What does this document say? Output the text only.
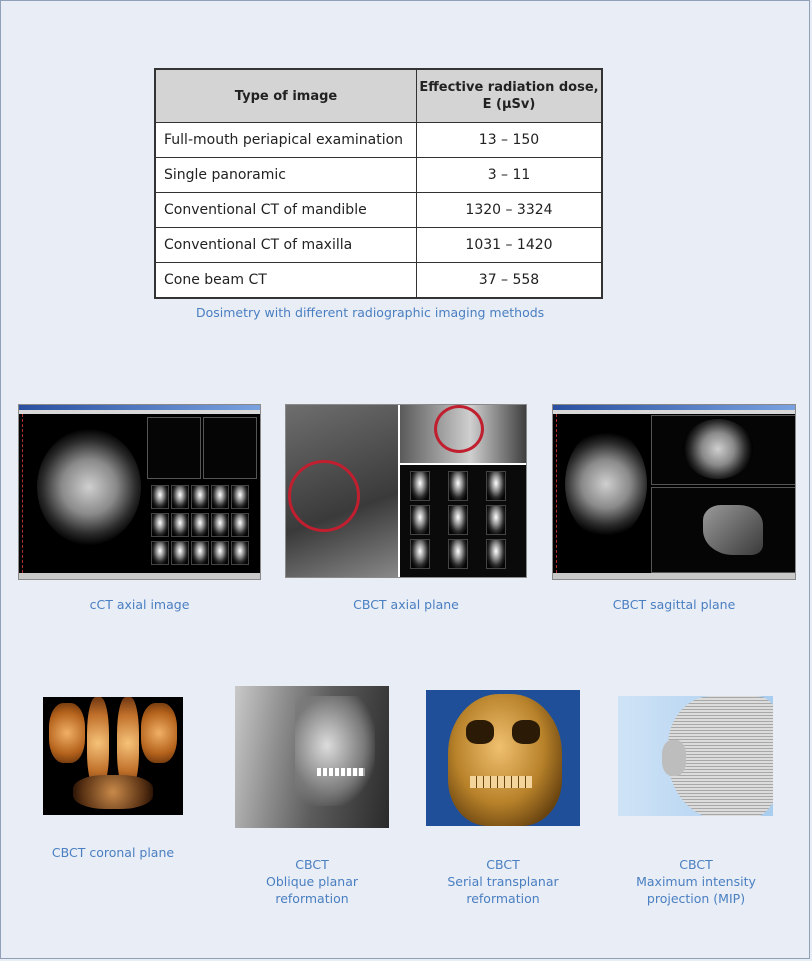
Type of image	Effective radiation dose,
E (µSv)
Full-mouth periapical examination	13 – 150
Single panoramic	3 – 11
Conventional CT of mandible	1320 – 3324
Conventional CT of maxilla	1031 – 1420
Cone beam CT	37 – 558
Dosimetry with different radiographic imaging methods
cCT axial image	CBCT axial plane	CBCT sagittal plane
CBCT coronal plane
CBCT
Oblique planar
reformation
CBCT
Serial transplanar
reformation
CBCT
Maximum intensity
projection (MIP)
